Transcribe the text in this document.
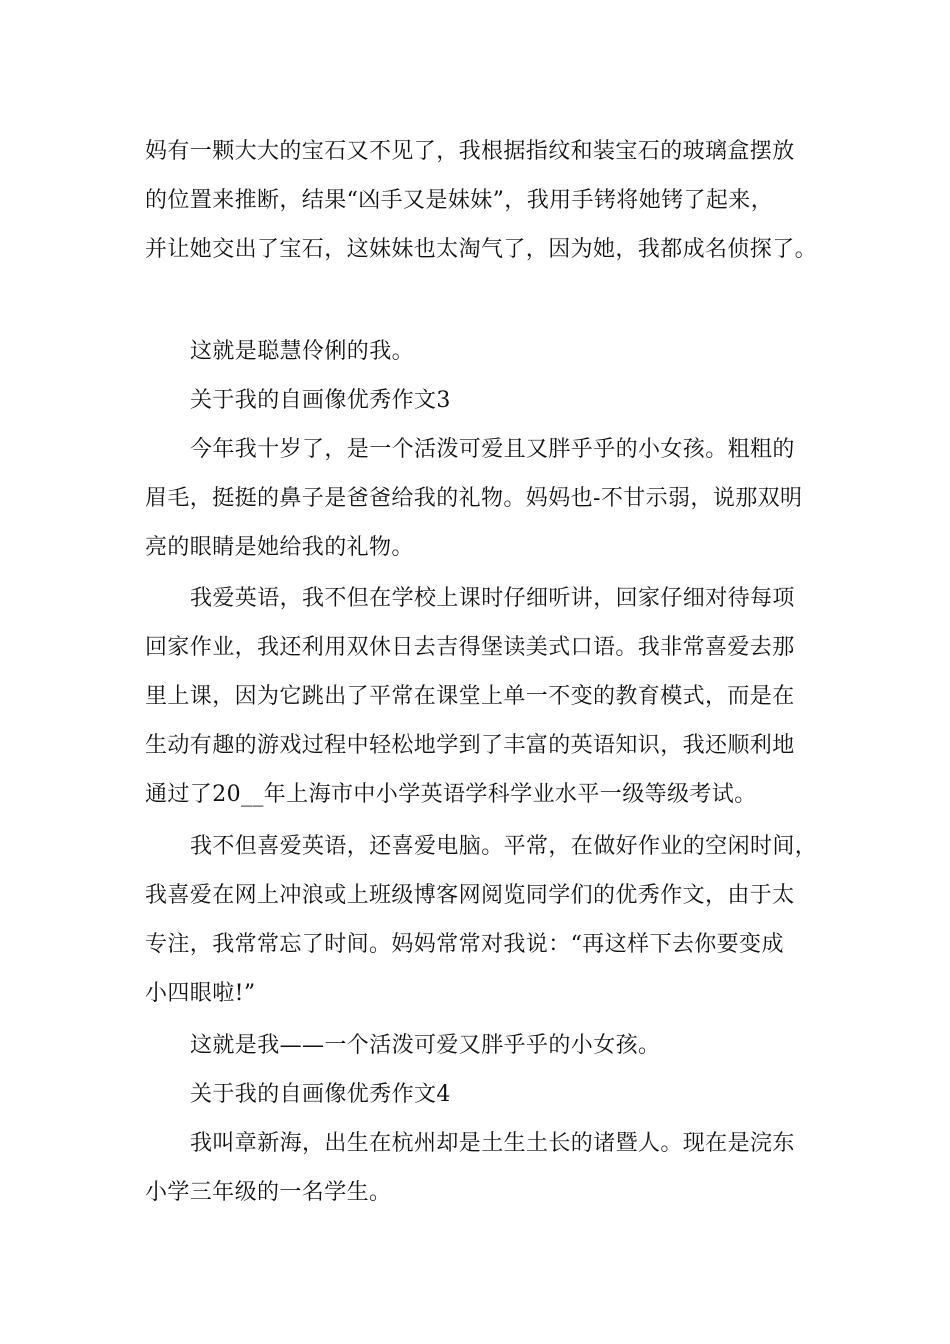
妈有一颗大大的宝石又不见了，我根据指纹和装宝石的玻璃盒摆放
的位置来推断，结果“凶手又是妹妹”，我用手铐将她铐了起来，
并让她交出了宝石，这妹妹也太淘气了，因为她，我都成名侦探了。
这就是聪慧伶俐的我。
关于我的自画像优秀作文3
今年我十岁了，是一个活泼可爱且又胖乎乎的小女孩。粗粗的
眉毛，挺挺的鼻子是爸爸给我的礼物。妈妈也-不甘示弱，说那双明
亮的眼睛是她给我的礼物。
我爱英语，我不但在学校上课时仔细听讲，回家仔细对待每项
回家作业，我还利用双休日去吉得堡读美式口语。我非常喜爱去那
里上课，因为它跳出了平常在课堂上单一不变的教育模式，而是在
生动有趣的游戏过程中轻松地学到了丰富的英语知识，我还顺利地
通过了20__年上海市中小学英语学科学业水平一级等级考试。
我不但喜爱英语，还喜爱电脑。平常，在做好作业的空闲时间，
我喜爱在网上冲浪或上班级博客网阅览同学们的优秀作文，由于太
专注，我常常忘了时间。妈妈常常对我说：“再这样下去你要变成
小四眼啦!”
这就是我——一个活泼可爱又胖乎乎的小女孩。
关于我的自画像优秀作文4
我叫章新海，出生在杭州却是土生土长的诸暨人。现在是浣东
小学三年级的一名学生。
